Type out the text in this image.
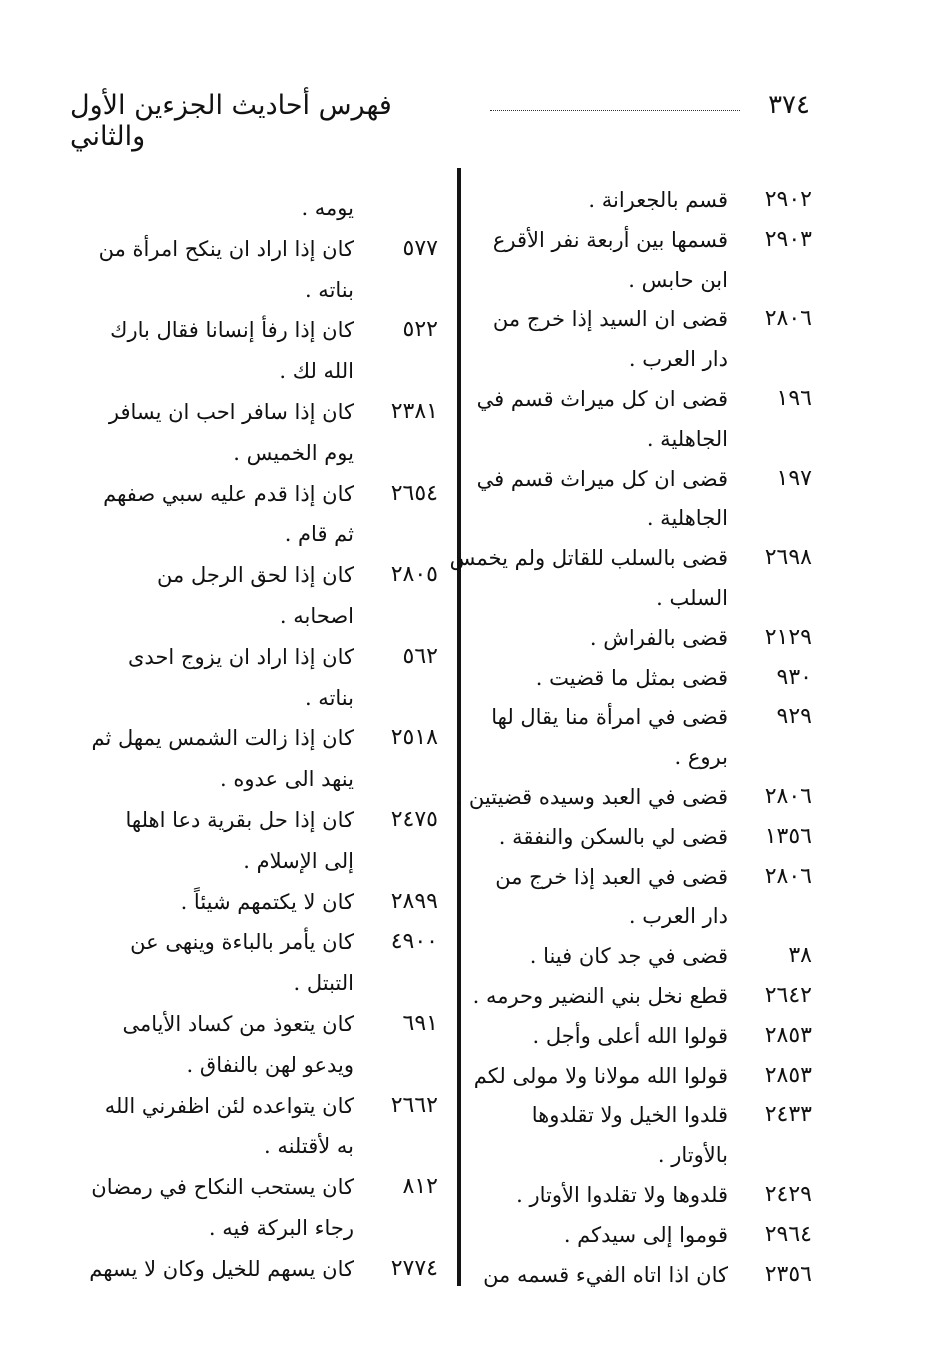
٣٧٤
فهرس أحاديث الجزءين الأول والثاني
٢٩٠٢
قسم بالجعرانة .
٢٩٠٣
قسمها بين أربعة نفر الأقرع
ابن حابس .
٢٨٠٦
قضى ان السيد إذا خرج من
دار العرب .
١٩٦
قضى ان كل ميراث قسم في
الجاهلية .
١٩٧
قضى ان كل ميراث قسم في
الجاهلية .
٢٦٩٨
قضى بالسلب للقاتل ولم يخمس
السلب .
٢١٢٩
قضى بالفراش .
٩٣٠
قضى بمثل ما قضيت .
٩٢٩
قضى في امرأة منا يقال لها
بروع .
٢٨٠٦
قضى في العبد وسيده قضيتين .
١٣٥٦
قضى لي بالسكن والنفقة .
٢٨٠٦
قضى في العبد إذا خرج من
دار العرب .
٣٨
قضى في جد كان فينا .
٢٦٤٢
قطع نخل بني النضير وحرمه .
٢٨٥٣
قولوا الله أعلى وأجل .
٢٨٥٣
قولوا الله مولانا ولا مولى لكم
٢٤٣٣
قلدوا الخيل ولا تقلدوها
بالأوتار .
٢٤٢٩
قلدوها ولا تقلدوا الأوتار .
٢٩٦٤
قوموا إلى سيدكم .
٢٣٥٦
كان اذا اتاه الفيء قسمه من
يومه .
٥٧٧
كان إذا اراد ان ينكح امرأة من
بناته .
٥٢٢
كان إذا رفأ إنسانا فقال بارك
الله لك .
٢٣٨١
كان إذا سافر احب ان يسافر
يوم الخميس .
٢٦٥٤
كان إذا قدم عليه سبي صفهم
ثم قام .
٢٨٠٥
كان إذا لحق الرجل من
اصحابه .
٥٦٢
كان إذا اراد ان يزوج احدى
بناته .
٢٥١٨
كان إذا زالت الشمس يمهل ثم
ينهد الى عدوه .
٢٤٧٥
كان إذا حل بقرية دعا اهلها
إلى الإسلام .
٢٨٩٩
كان لا يكتمهم شيئاً .
٤٩٠٠
كان يأمر بالباءة وينهى عن
التبتل .
٦٩١
كان يتعوذ من كساد الأيامى
ويدعو لهن بالنفاق .
٢٦٦٢
كان يتواعده لئن اظفرني الله
به لأقتلنه .
٨١٢
كان يستحب النكاح في رمضان
رجاء البركة فيه .
٢٧٧٤
كان يسهم للخيل وكان لا يسهم
